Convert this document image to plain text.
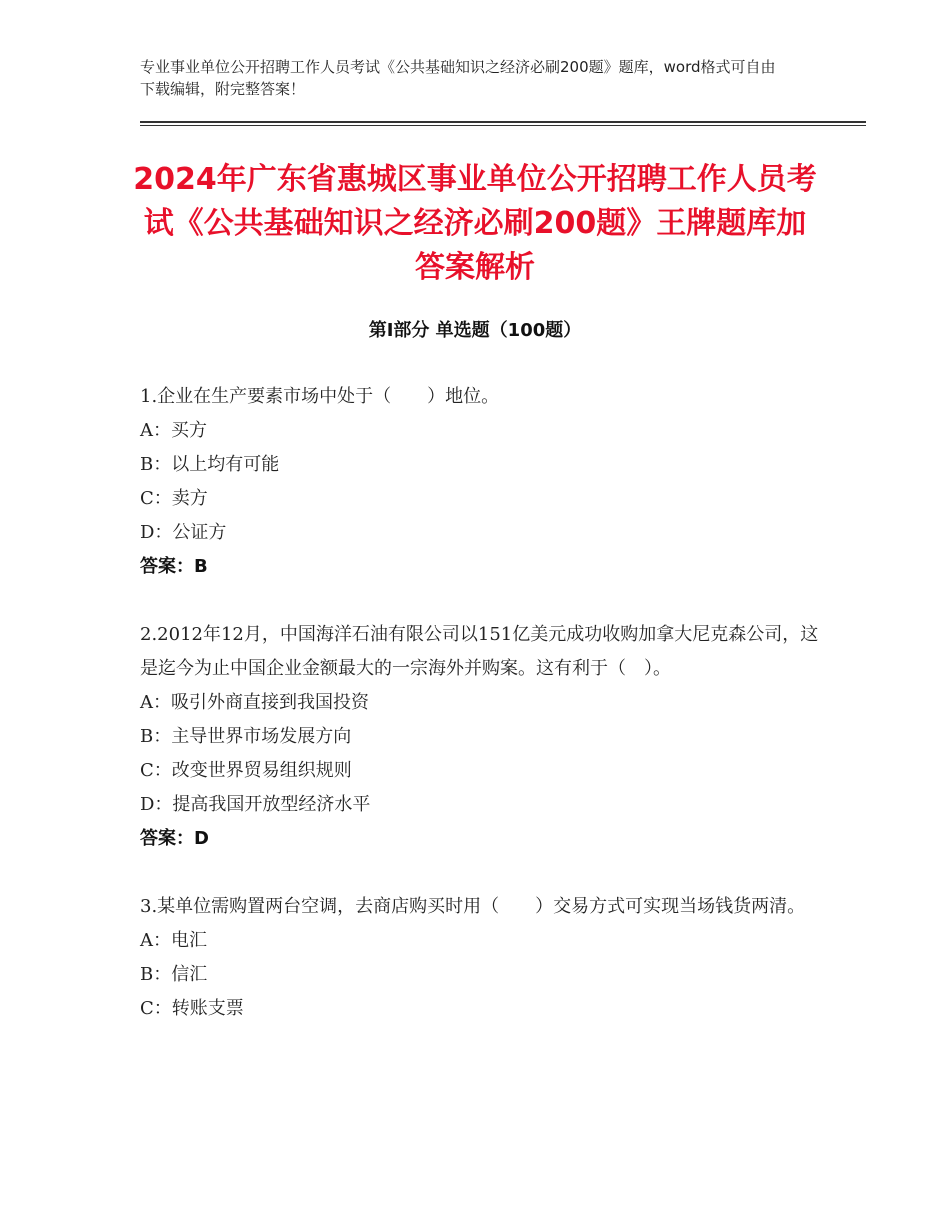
专业事业单位公开招聘工作人员考试《公共基础知识之经济必刷200题》题库，word格式可自由下载编辑，附完整答案！

2024年广东省惠城区事业单位公开招聘工作人员考试《公共基础知识之经济必刷200题》王牌题库加答案解析
第Ⅰ部分 单选题（100题）

1.企业在生产要素市场中处于（　　）地位。

A：买方

B：以上均有可能

C：卖方

D：公证方

答案：B

2.2012年12月，中国海洋石油有限公司以151亿美元成功收购加拿大尼克森公司，这是迄今为止中国企业金额最大的一宗海外并购案。这有利于（　）。

A：吸引外商直接到我国投资

B：主导世界市场发展方向

C：改变世界贸易组织规则

D：提高我国开放型经济水平

答案：D

3.某单位需购置两台空调，去商店购买时用（　　）交易方式可实现当场钱货两清。

A：电汇

B：信汇

C：转账支票
